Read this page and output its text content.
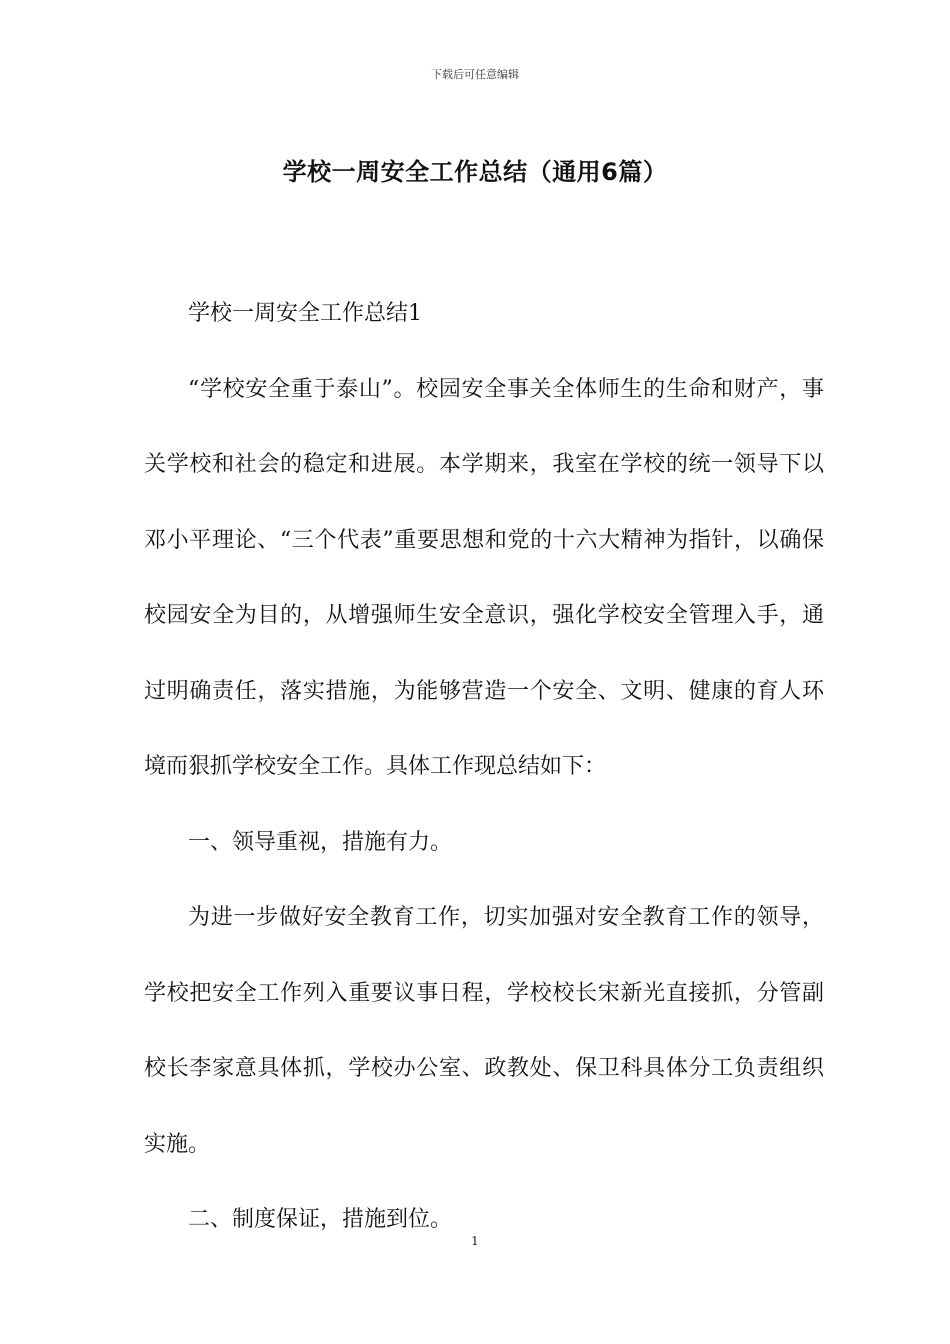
下载后可任意编辑
学校一周安全工作总结（通用6篇）

学校一周安全工作总结1

“学校安全重于泰山”。校园安全事关全体师生的生命和财产，事关学校和社会的稳定和进展。本学期来，我室在学校的统一领导下以邓小平理论、“三个代表”重要思想和党的十六大精神为指针，以确保校园安全为目的，从增强师生安全意识，强化学校安全管理入手，通过明确责任，落实措施，为能够营造一个安全、文明、健康的育人环境而狠抓学校安全工作。具体工作现总结如下：

一、领导重视，措施有力。

为进一步做好安全教育工作，切实加强对安全教育工作的领导，学校把安全工作列入重要议事日程，学校校长宋新光直接抓，分管副校长李家意具体抓，学校办公室、政教处、保卫科具体分工负责组织实施。

二、制度保证，措施到位。

1
